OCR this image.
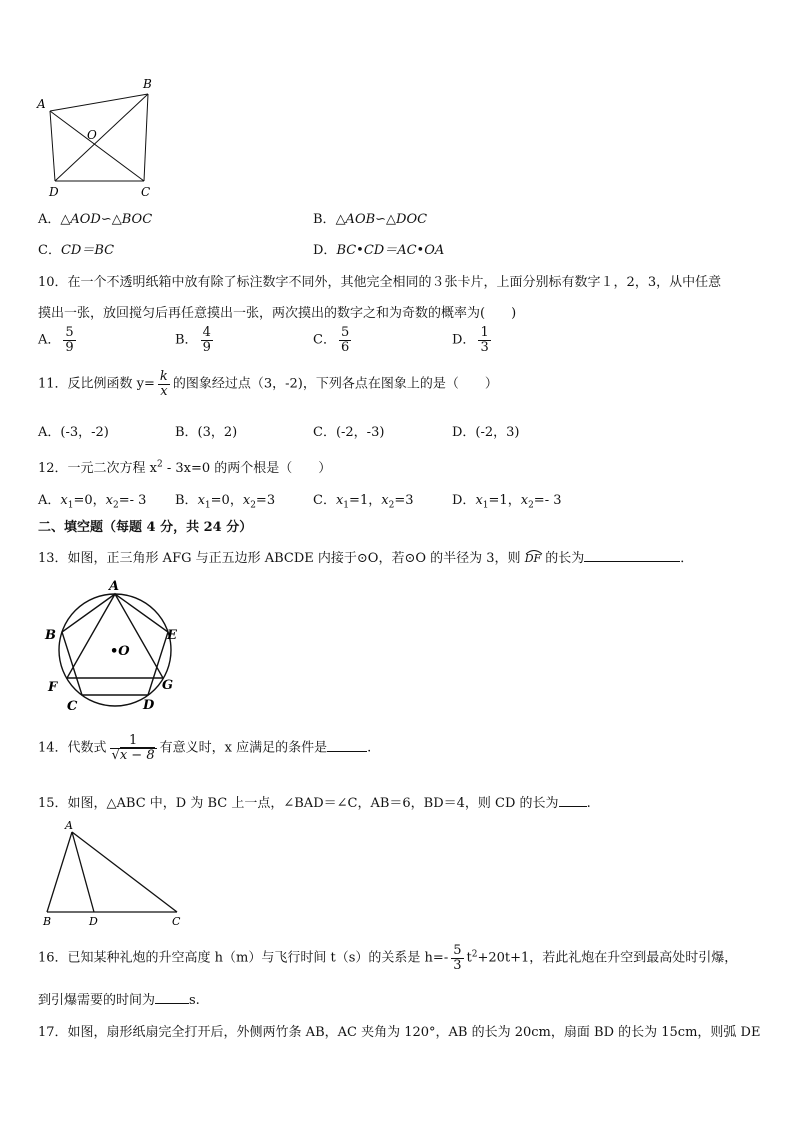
A
B
O
D	C
A．△AOD∽△BOC	B．△AOB∽△DOC
C．CD＝BC	D．BC•CD＝AC•OA
10．在一个不透明纸箱中放有除了标注数字不同外，其他完全相同的３张卡片，上面分别标有数字１，2，3，从中任意
摸出一张，放回搅匀后再任意摸出一张，两次摸出的数字之和为奇数的概率为(　　)
A． $\frac{5}{9}$	B． $\frac{4}{9}$	C． $\frac{5}{6}$	D． $\frac{1}{3}$
11．反比例函数 $y= \frac{k}{x}$ 的图象经过点（3，-2)，下列各点在图象上的是（　　）
A．(-3，-2)	B．(3，2)	C．(-2，-3)	D．(-2，3)
12．一元二次方程 $x^2 - 3x=0$ 的两个根是（　　）
A．$x_1=0$，$x_2=-$ 3 B．$x_1=0$，$x_2=3$	C．$x_1=1$，$x_2=3$	D．$x_1=1$，$x_2=-$ 3
二、填空题（每题 4 分，共 24 分）
13．如图，正三角形 AFG 与正五边形 ABCDE 内接于⊙O，若⊙O 的半径为 3，则 DF 的长为	．
A
B	E
•O
F	G
C	D
14．代数式 $\frac{1}{√x - 8}$ 有意义时，x 应满足的条件是	.
15．如图，△ABC 中，D 为 BC 上一点，∠BAD＝∠C，AB＝6，BD＝4，则 CD 的长为 .
A
B	D	C
16．已知某种礼炮的升空高度 h（m）与飞行时间 t（s）的关系是 $h=- \frac{5}{3} t^2+20t+1$，若此礼炮在升空到最高处时引爆，
到引爆需要的时间为	s.
17．如图，扇形纸扇完全打开后，外侧两竹条 AB，AC 夹角为 120°，AB 的长为 20cm，扇面 BD 的长为 15cm，则弧 DE
